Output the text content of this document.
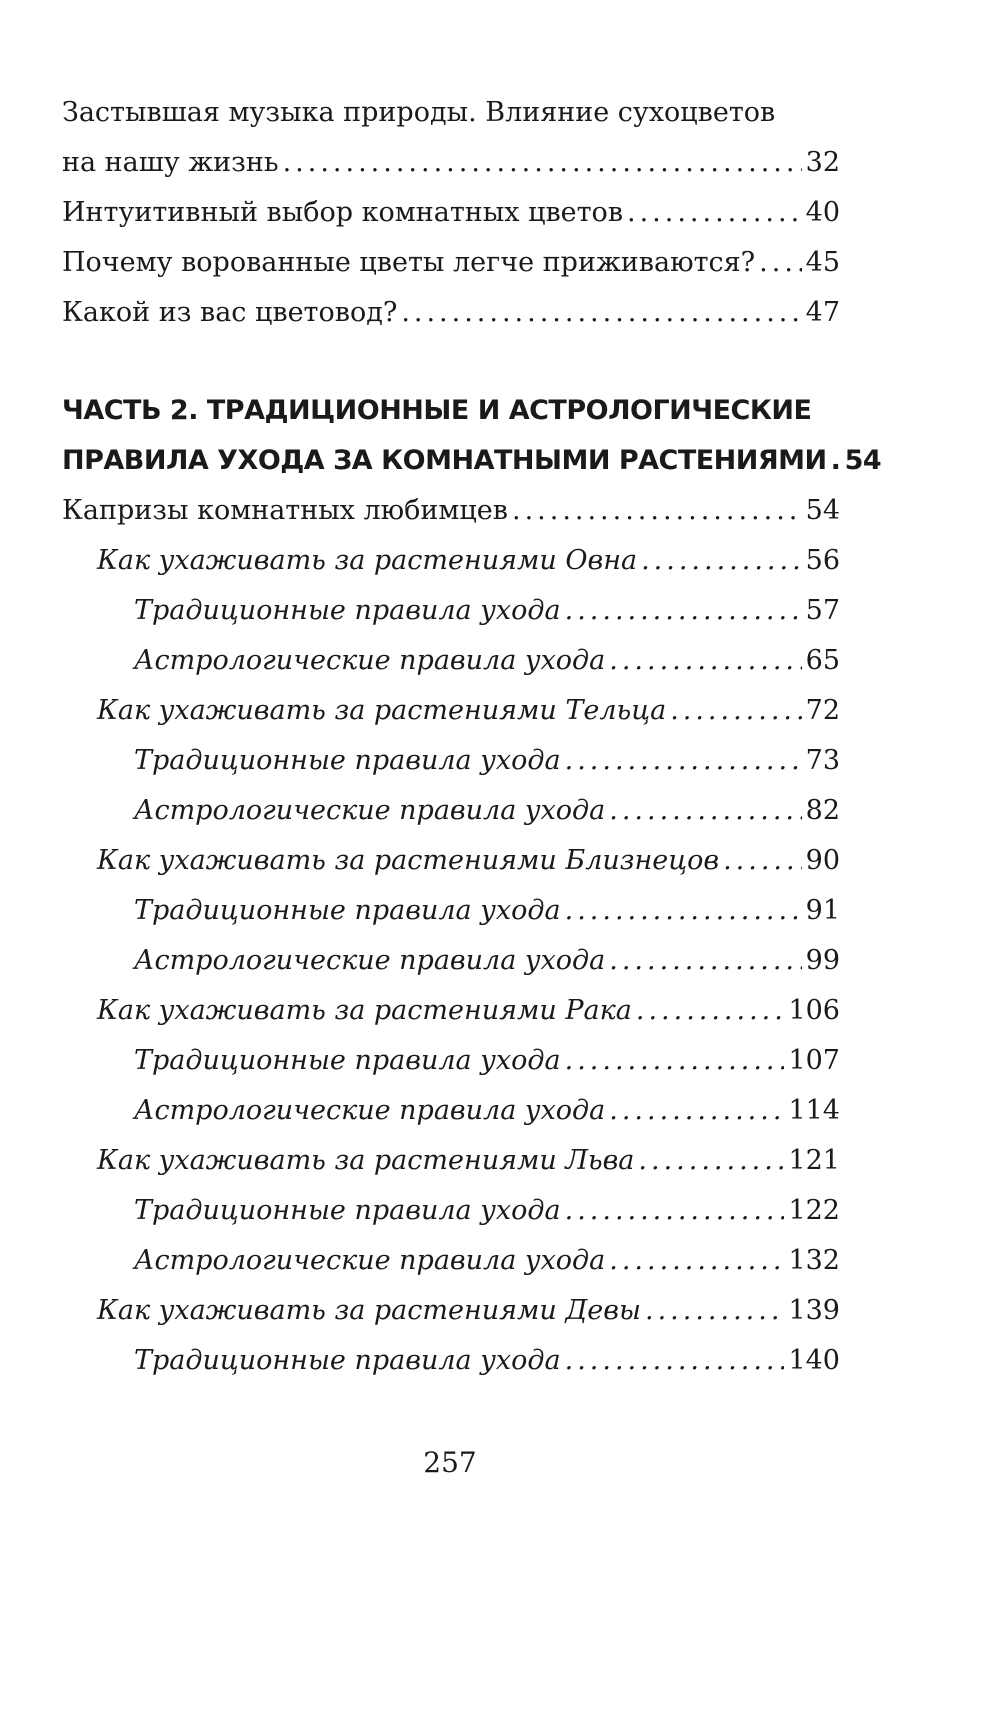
Застывшая музыка природы. Влияние сухоцветов
на нашу жизнь .....	32
Интуитивный выбор комнатных цветов .....	40
Почему ворованные цветы легче приживаются? ..... 45
Какой из вас цветовод? .....	47
ЧАСТЬ 2. ТРАДИЦИОННЫЕ И АСТРОЛОГИЧЕСКИЕ
ПРАВИЛА УХОДА ЗА КОМНАТНЫМИ РАСТЕНИЯМИ ..... 54
Капризы комнатных любимцев .....	54
Как ухаживать за растениями Овна .....	56
Традиционные правила ухода .....	57
Астрологические правила ухода .....	65
Как ухаживать за растениями Тельца .....	72
Традиционные правила ухода .....	73
Астрологические правила ухода .....	82
Как ухаживать за растениями Близнецов .....	90
Традиционные правила ухода .....	91
Астрологические правила ухода .....	99
Как ухаживать за растениями Рака .....	106
Традиционные правила ухода .....	107
Астрологические правила ухода .....	114
Как ухаживать за растениями Льва .....	121
Традиционные правила ухода .....	122
Астрологические правила ухода .....	132
Как ухаживать за растениями Девы .....	139
Традиционные правила ухода .....	140
257
